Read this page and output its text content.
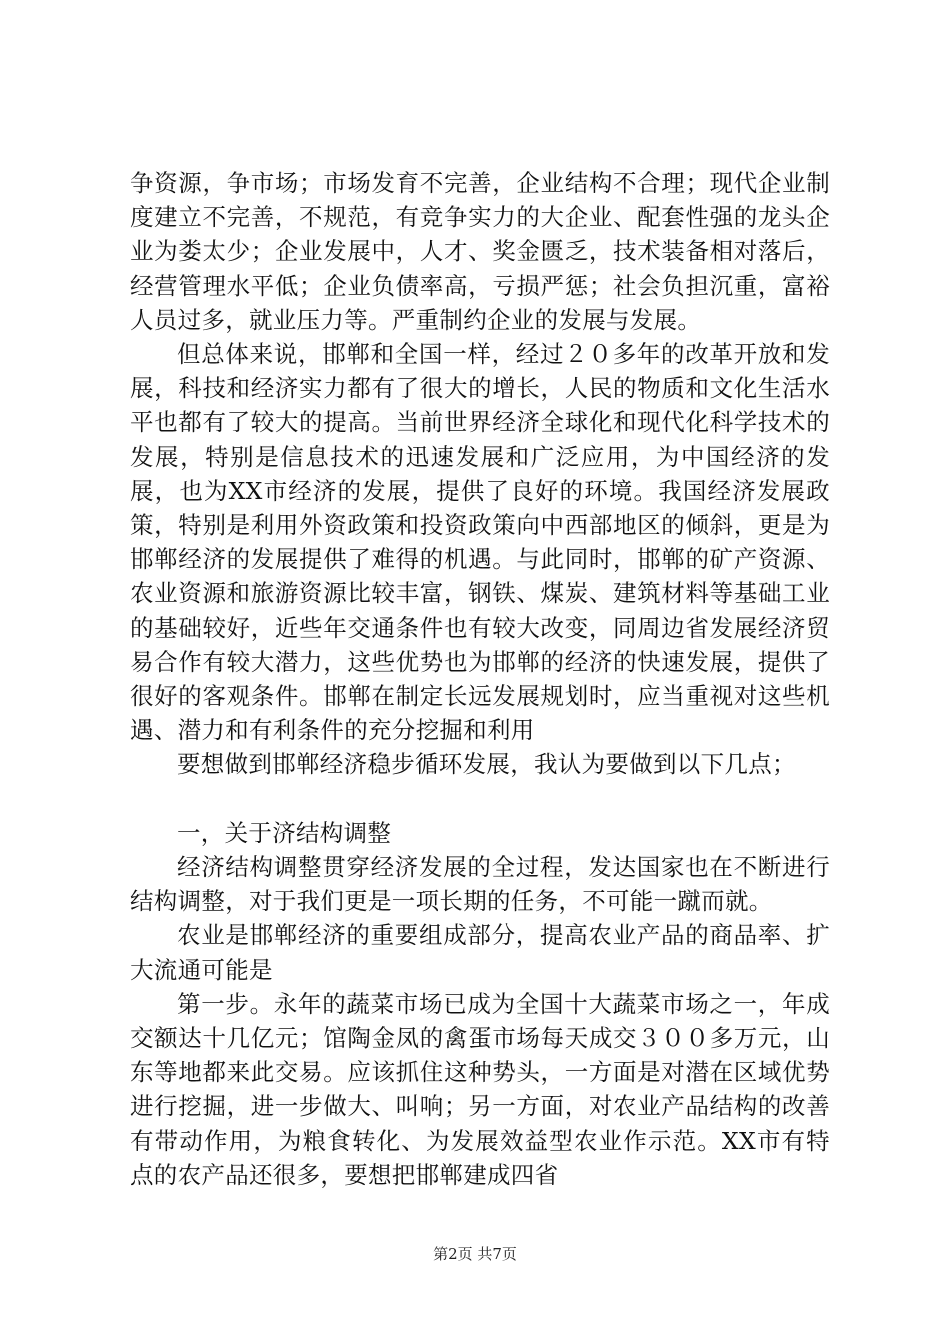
争资源，争市场；市场发育不完善，企业结构不合理；现代企业制度建立不完善，不规范，有竞争实力的大企业、配套性强的龙头企业为娄太少；企业发展中，人才、奖金匮乏，技术装备相对落后，经营管理水平低；企业负债率高，亏损严惩；社会负担沉重，富裕人员过多，就业压力等。严重制约企业的发展与发展。

但总体来说，邯郸和全国一样，经过２０多年的改革开放和发展，科技和经济实力都有了很大的增长，人民的物质和文化生活水平也都有了较大的提高。当前世界经济全球化和现代化科学技术的发展，特别是信息技术的迅速发展和广泛应用，为中国经济的发展，也为XX市经济的发展，提供了良好的环境。我国经济发展政策，特别是利用外资政策和投资政策向中西部地区的倾斜，更是为邯郸经济的发展提供了难得的机遇。与此同时，邯郸的矿产资源、农业资源和旅游资源比较丰富，钢铁、煤炭、建筑材料等基础工业的基础较好，近些年交通条件也有较大改变，同周边省发展经济贸易合作有较大潜力，这些优势也为邯郸的经济的快速发展，提供了很好的客观条件。邯郸在制定长远发展规划时，应当重视对这些机遇、潜力和有利条件的充分挖掘和利用

要想做到邯郸经济稳步循环发展，我认为要做到以下几点；

一，关于济结构调整

经济结构调整贯穿经济发展的全过程，发达国家也在不断进行结构调整，对于我们更是一项长期的任务，不可能一蹴而就。

农业是邯郸经济的重要组成部分，提高农业产品的商品率、扩大流通可能是

第一步。永年的蔬菜市场已成为全国十大蔬菜市场之一，年成交额达十几亿元；馆陶金凤的禽蛋市场每天成交３００多万元，山东等地都来此交易。应该抓住这种势头，一方面是对潜在区域优势进行挖掘，进一步做大、叫响；另一方面，对农业产品结构的改善有带动作用，为粮食转化、为发展效益型农业作示范。XX市有特点的农产品还很多，要想把邯郸建成四省

第2页 共7页
